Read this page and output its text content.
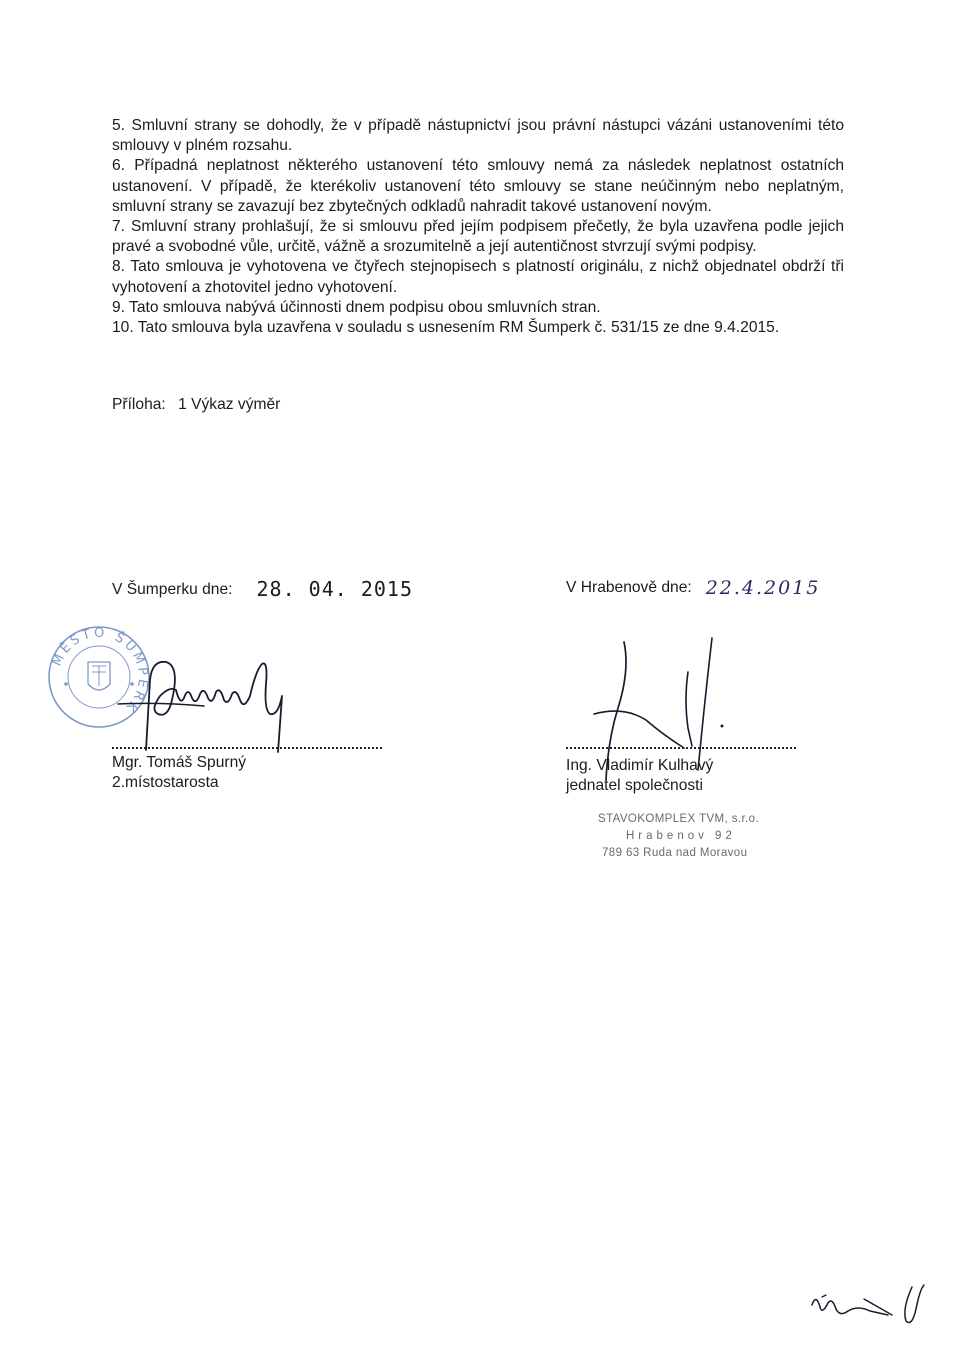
5. Smluvní strany se dohodly, že v případě nástupnictví jsou právní nástupci vázáni ustanoveními této smlouvy v plném rozsahu.

6. Případná neplatnost některého ustanovení této smlouvy nemá za následek neplatnost ostatních ustanovení. V případě, že kterékoliv ustanovení této smlouvy se stane neúčinným nebo neplatným, smluvní strany se zavazují bez zbytečných odkladů nahradit takové ustanovení novým.

7. Smluvní strany prohlašují, že si smlouvu před jejím podpisem přečetly, že byla uzavřena podle jejich pravé a svobodné vůle, určitě, vážně a srozumitelně a její autentičnost stvrzují svými podpisy.

8. Tato smlouva je vyhotovena ve čtyřech stejnopisech s platností originálu, z nichž objednatel obdrží tři vyhotovení a zhotovitel jedno vyhotovení.

9. Tato smlouva nabývá účinnosti dnem podpisu obou smluvních stran.

10. Tato smlouva byla uzavřena v souladu s usnesením RM Šumperk č. 531/15 ze dne 9.4.2015.

Příloha: 1 Výkaz výměr
V Šumperku dne: 28. 04. 2015	V Hrabenově dne: 22.4.2015
MĚSTO ŠUMPERK
Mgr. Tomáš Spurný
2.místostarosta
Ing. Vladimír Kulhavý
jednatel společnosti
STAVOKOMPLEX TVM, s.r.o.
Hrabenov 92
789 63 Ruda nad Moravou
